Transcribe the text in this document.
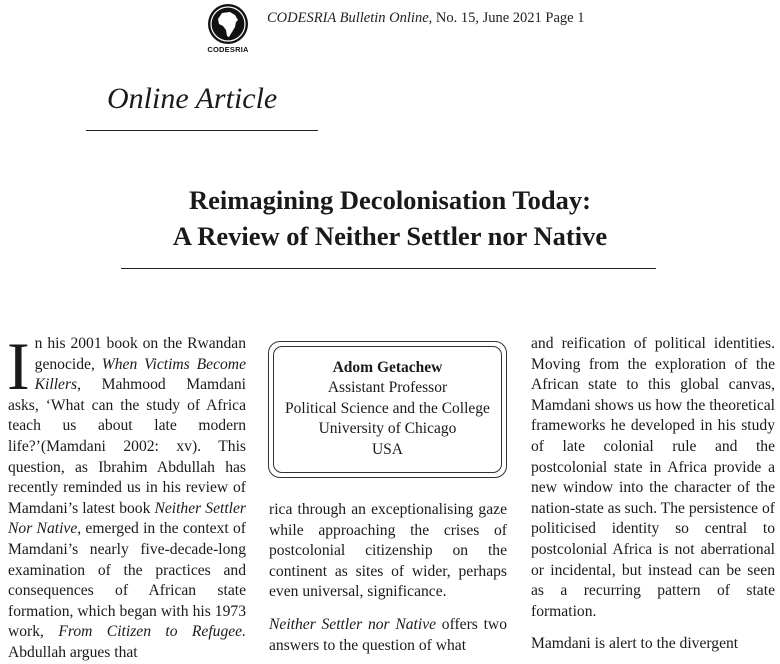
CODESRIA
CODESRIA Bulletin Online, No. 15, June 2021 Page 1
Online Article
Reimagining Decolonisation Today:
A Review of Neither Settler nor Native

In his 2001 book on the Rwandan genocide, When Victims Become Killers, Mahmood Mamdani asks, ‘What can the study of Africa teach us about late modern life?’(Mamdani 2002: xv). This question, as Ibrahim Abdullah has recently reminded us in his review of Mamdani’s latest book Neither Settler Nor Native, emerged in the context of Mamdani’s nearly five-decade-long examination of the practices and consequences of African state formation, which began with his 1973 work, From Citizen to Refugee. Abdullah argues that

Adom Getachew
Assistant Professor
Political Science and the College
University of Chicago
USA

rica through an exceptionalising gaze while approaching the crises of postcolonial citizenship on the continent as sites of wider, perhaps even universal, significance.

Neither Settler nor Native offers two answers to the question of what

and reification of political identities. Moving from the exploration of the African state to this global canvas, Mamdani shows us how the theoretical frameworks he developed in his study of late colonial rule and the postcolonial state in Africa provide a new window into the character of the nation-state as such. The persistence of politicised identity so central to postcolonial Africa is not aberrational or incidental, but instead can be seen as a recurring pattern of state formation.

Mamdani is alert to the divergent
